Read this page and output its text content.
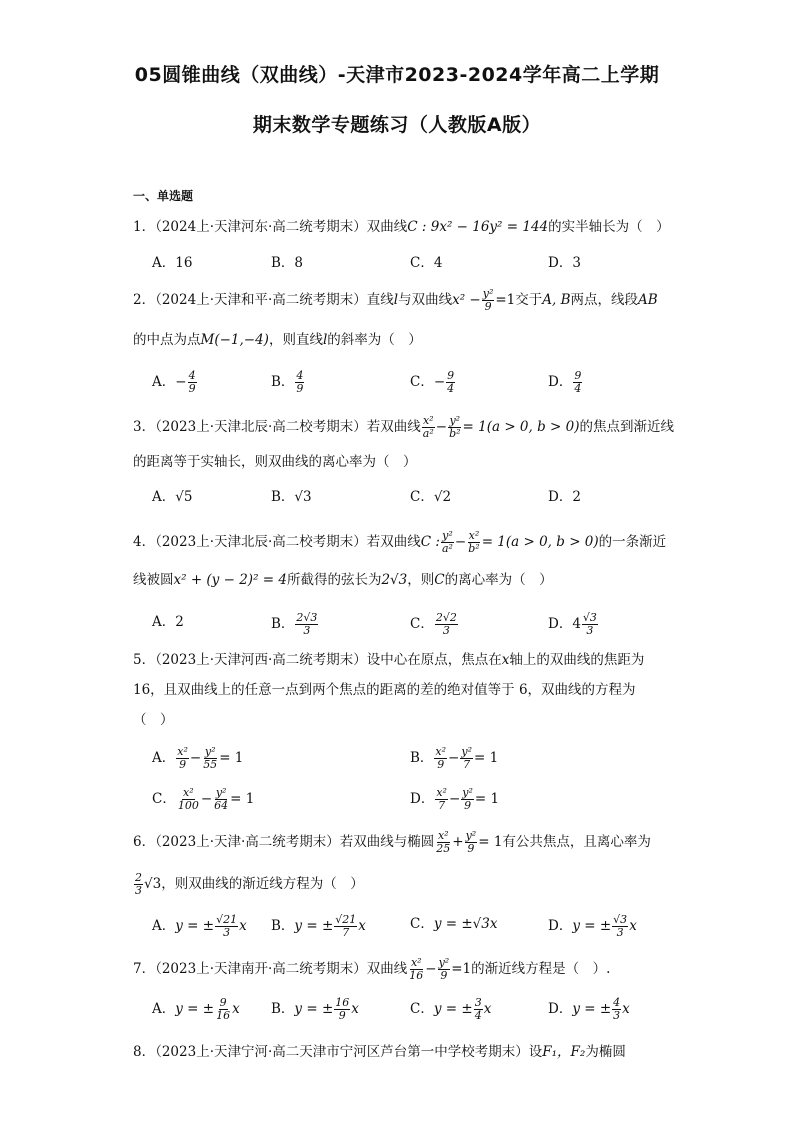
05圆锥曲线（双曲线）-天津市2023-2024学年高二上学期
期末数学专题练习（人教版A版）
一、单选题
1．（2024上·天津河东·高二统考期末）双曲线C : 9x² − 16y² = 144的实半轴长为（　）
A．16	B．8	C．4	D．3
2．（2024上·天津和平·高二统考期末）直线l与双曲线$x^2 - \frac{\text{y²}}{9} =1$交于A, B两点，线段AB
的中点为点M(−1,−4)，则直线l的斜率为（　）
A．− $\frac{4}{9}$	B． $\frac{4}{9}$	C．− $\frac{9}{4}$	D． $\frac{9}{4}$
3．（2023上·天津北辰·高二校考期末）若双曲线 $\frac{\text{x²}}{\text{a²}} - \frac{\text{y²}}{\text{b²}} = 1(a > 0$, b > 0)的焦点到渐近线
的距离等于实轴长，则双曲线的离心率为（　）
A．√5	B．√3	C．√2	D．2
4．（2023上·天津北辰·高二校考期末）若双曲线C : $\frac{\text{y²}}{\text{a²}} - \frac{\text{x²}}{\text{b²}} = 1(a > 0$, b > 0)的一条渐近
线被圆x² + (y − 2)² = 4所截得的弦长为2√3，则C的离心率为（　）
A．2	B． $\frac{2√3}{3}$	C． $\frac{2√2}{3}$	D．$4 \frac{√3}{3}$
5．（2023上·天津河西·高二统考期末）设中心在原点，焦点在x轴上的双曲线的焦距为
16，且双曲线上的任意一点到两个焦点的距离的差的绝对值等于 6，双曲线的方程为
（　）
A． $\frac{\text{x²}}{9} - \frac{\text{y²}}{55} = 1$	B． $\frac{\text{x²}}{9} - \frac{\text{y²}}{7} = 1$
C． $\frac{\text{x²}}{100} - \frac{\text{y²}}{64} = 1$	D． $\frac{\text{x²}}{7} - \frac{\text{y²}}{9} = 1$
6．（2023上·天津·高二统考期末）若双曲线与椭圆 $\frac{\text{x²}}{25} + \frac{\text{y²}}{9} = 1$有公共焦点，且离心率为
$\frac{2}{3} √3$，则双曲线的渐近线方程为（　）
A．y = ± $\frac{√21}{3}$ x B．y = ± $\frac{√21}{7}$ x	C．y = ±√3x	D．y = ± $\frac{√3}{3}$ x
7．（2023上·天津南开·高二统考期末）双曲线 $\frac{\text{x²}}{16} - \frac{\text{y²}}{9} =1$的渐近线方程是（　）.
A．y = ± $\frac{9}{16}$ x B．y = ± $\frac{16}{9}$ x	C．y = ± $\frac{3}{4}$ x	D．y = ± $\frac{4}{3}$ x
8．（2023上·天津宁河·高二天津市宁河区芦台第一中学校考期末）设F₁，F₂为椭圆
